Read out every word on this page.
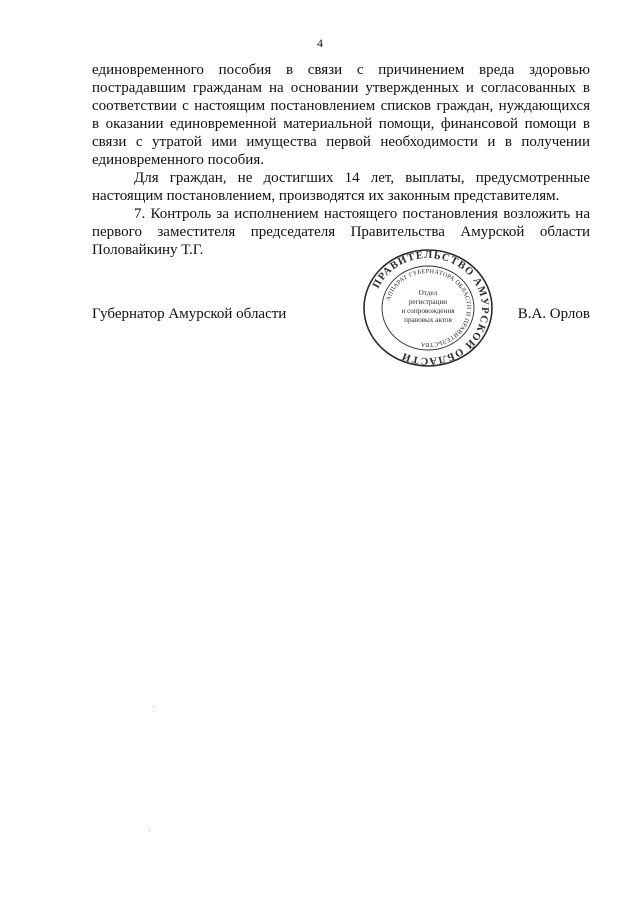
4

единовременного пособия в связи с причинением вреда здоровью пострадавшим гражданам на основании утвержденных и согласованных в соответствии с настоящим постановлением списков граждан, нуждающихся в оказании единовременной материальной помощи, финансовой помощи в связи с утратой ими имущества первой необходимости и в получении единовременного пособия.

Для граждан, не достигших 14 лет, выплаты, предусмотренные настоящим постановлением, производятся их законным представителям.

7. Контроль за исполнением настоящего постановления возложить на первого заместителя председателя Правительства Амурской области Половайкину Т.Г.

Губернатор Амурской области	В.А. Орлов
ПРАВИТЕЛЬСТВО АМУРСКОЙ ОБЛАСТИ
АППАРАТ ГУБЕРНАТОРА ОБЛАСТИ И ПРАВИТЕЛЬСТВА
Отдел
регистрации
и сопровождения
правовых актов
